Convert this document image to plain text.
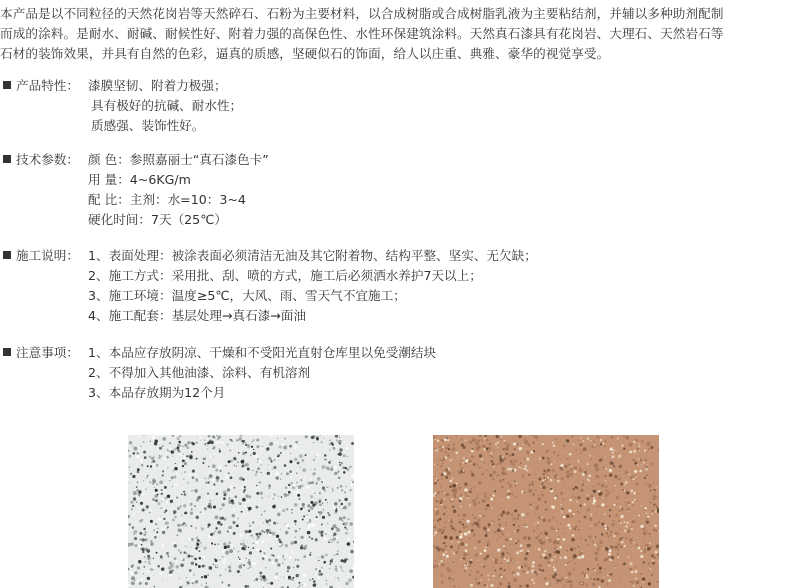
本产品是以不同粒径的天然花岗岩等天然碎石、石粉为主要材料，以合成树脂或合成树脂乳液为主要粘结剂，并辅以多种助剂配制
而成的涂料。是耐水、耐碱、耐候性好、附着力强的高保色性、水性环保建筑涂料。天然真石漆具有花岗岩、大理石、天然岩石等
石材的装饰效果，并具有自然的色彩，逼真的质感，坚硬似石的饰面，给人以庄重、典雅、豪华的视觉享受。
产品特性： 漆膜坚韧、附着力极强；
具有极好的抗碱、耐水性；
质感强、装饰性好。
技术参数： 颜 色：参照嘉丽士“真石漆色卡”
用 量：4~6KG/m
配 比：主剂：水=10：3~4
硬化时间：7天（25℃）
施工说明： 1、表面处理：被涂表面必须清洁无油及其它附着物、结构平整、坚实、无欠缺；
2、施工方式：采用批、刮、喷的方式，施工后必须洒水养护7天以上；
3、施工环境：温度≥5℃，大风、雨、雪天气不宜施工；
4、施工配套：基层处理→真石漆→面油
注意事项： 1、本品应存放阴凉、干燥和不受阳光直射仓库里以免受潮结块
2、不得加入其他油漆、涂料、有机溶剂
3、本品存放期为12个月
